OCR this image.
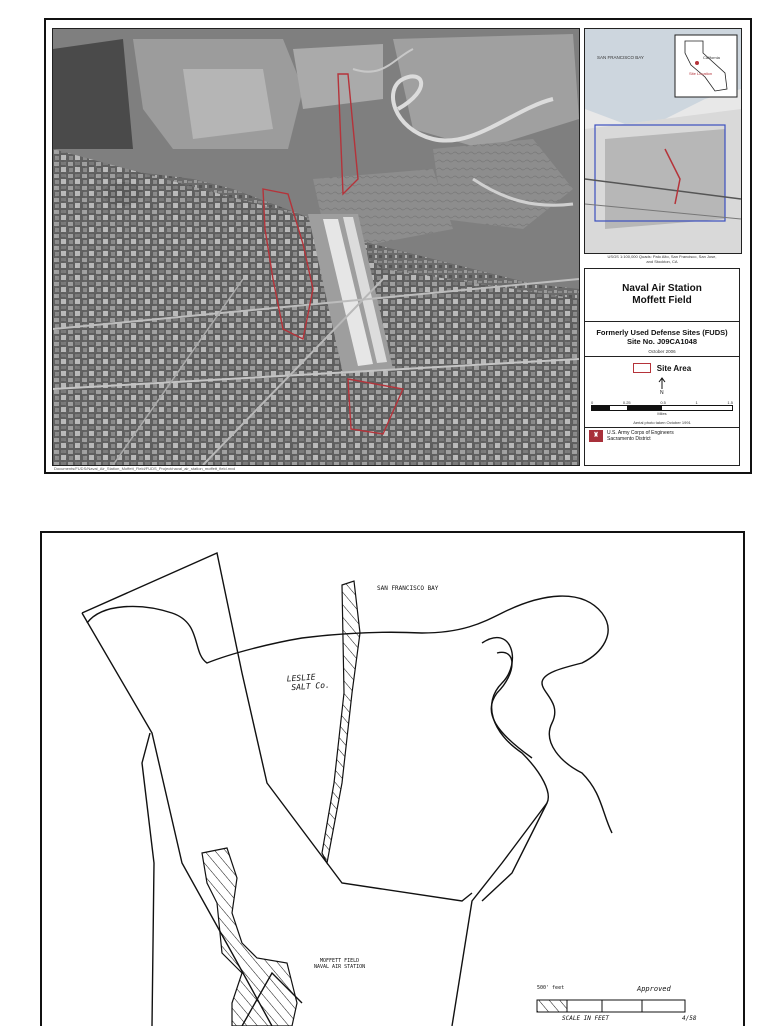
Documents/FUDS/Naval_Air_Station_Moffett_Field/FUDS_Project/naval_air_station_moffett_field.mxd
California
Site Location
SAN FRANCISCO BAY
USGS 1:100,000 Quads: Palo Alto, San Francisco, San Jose,
and Stockton, CA
Naval Air Station
Moffett Field
Formerly Used Defense Sites (FUDS)
Site No. J09CA1048
October 2006
Site Area
N
0	0.25	0.5	1	1.5
Miles
Aerial photo taken October 1991
♜	U.S. Army Corps of Engineers
Sacramento District
SAN FRANCISCO BAY
LESLIE
SALT Co.
MOFFETT FIELD
NAVAL AIR STATION
500' feet	Approved
SCALE IN FEET	4/58
